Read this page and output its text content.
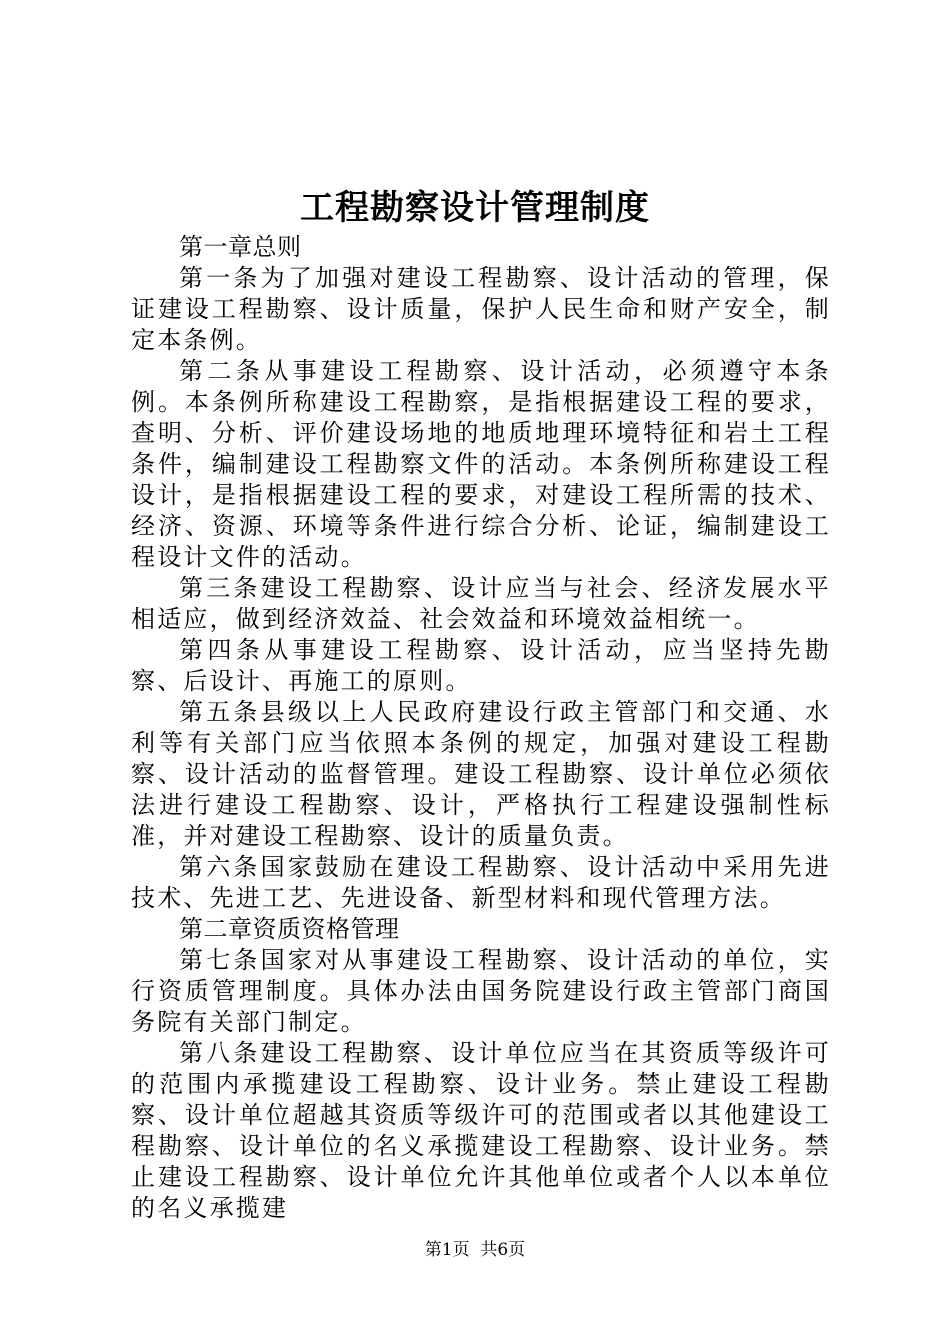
工程勘察设计管理制度

第一章总则

第一条为了加强对建设工程勘察、设计活动的管理，保证建设工程勘察、设计质量，保护人民生命和财产安全，制定本条例。

第二条从事建设工程勘察、设计活动，必须遵守本条例。本条例所称建设工程勘察，是指根据建设工程的要求，查明、分析、评价建设场地的地质地理环境特征和岩土工程条件，编制建设工程勘察文件的活动。本条例所称建设工程设计，是指根据建设工程的要求，对建设工程所需的技术、经济、资源、环境等条件进行综合分析、论证，编制建设工程设计文件的活动。

第三条建设工程勘察、设计应当与社会、经济发展水平相适应，做到经济效益、社会效益和环境效益相统一。

第四条从事建设工程勘察、设计活动，应当坚持先勘察、后设计、再施工的原则。

第五条县级以上人民政府建设行政主管部门和交通、水利等有关部门应当依照本条例的规定，加强对建设工程勘察、设计活动的监督管理。建设工程勘察、设计单位必须依法进行建设工程勘察、设计，严格执行工程建设强制性标准，并对建设工程勘察、设计的质量负责。

第六条国家鼓励在建设工程勘察、设计活动中采用先进技术、先进工艺、先进设备、新型材料和现代管理方法。

第二章资质资格管理

第七条国家对从事建设工程勘察、设计活动的单位，实行资质管理制度。具体办法由国务院建设行政主管部门商国务院有关部门制定。

第八条建设工程勘察、设计单位应当在其资质等级许可的范围内承揽建设工程勘察、设计业务。禁止建设工程勘察、设计单位超越其资质等级许可的范围或者以其他建设工程勘察、设计单位的名义承揽建设工程勘察、设计业务。禁止建设工程勘察、设计单位允许其他单位或者个人以本单位的名义承揽建

第1页 共6页
